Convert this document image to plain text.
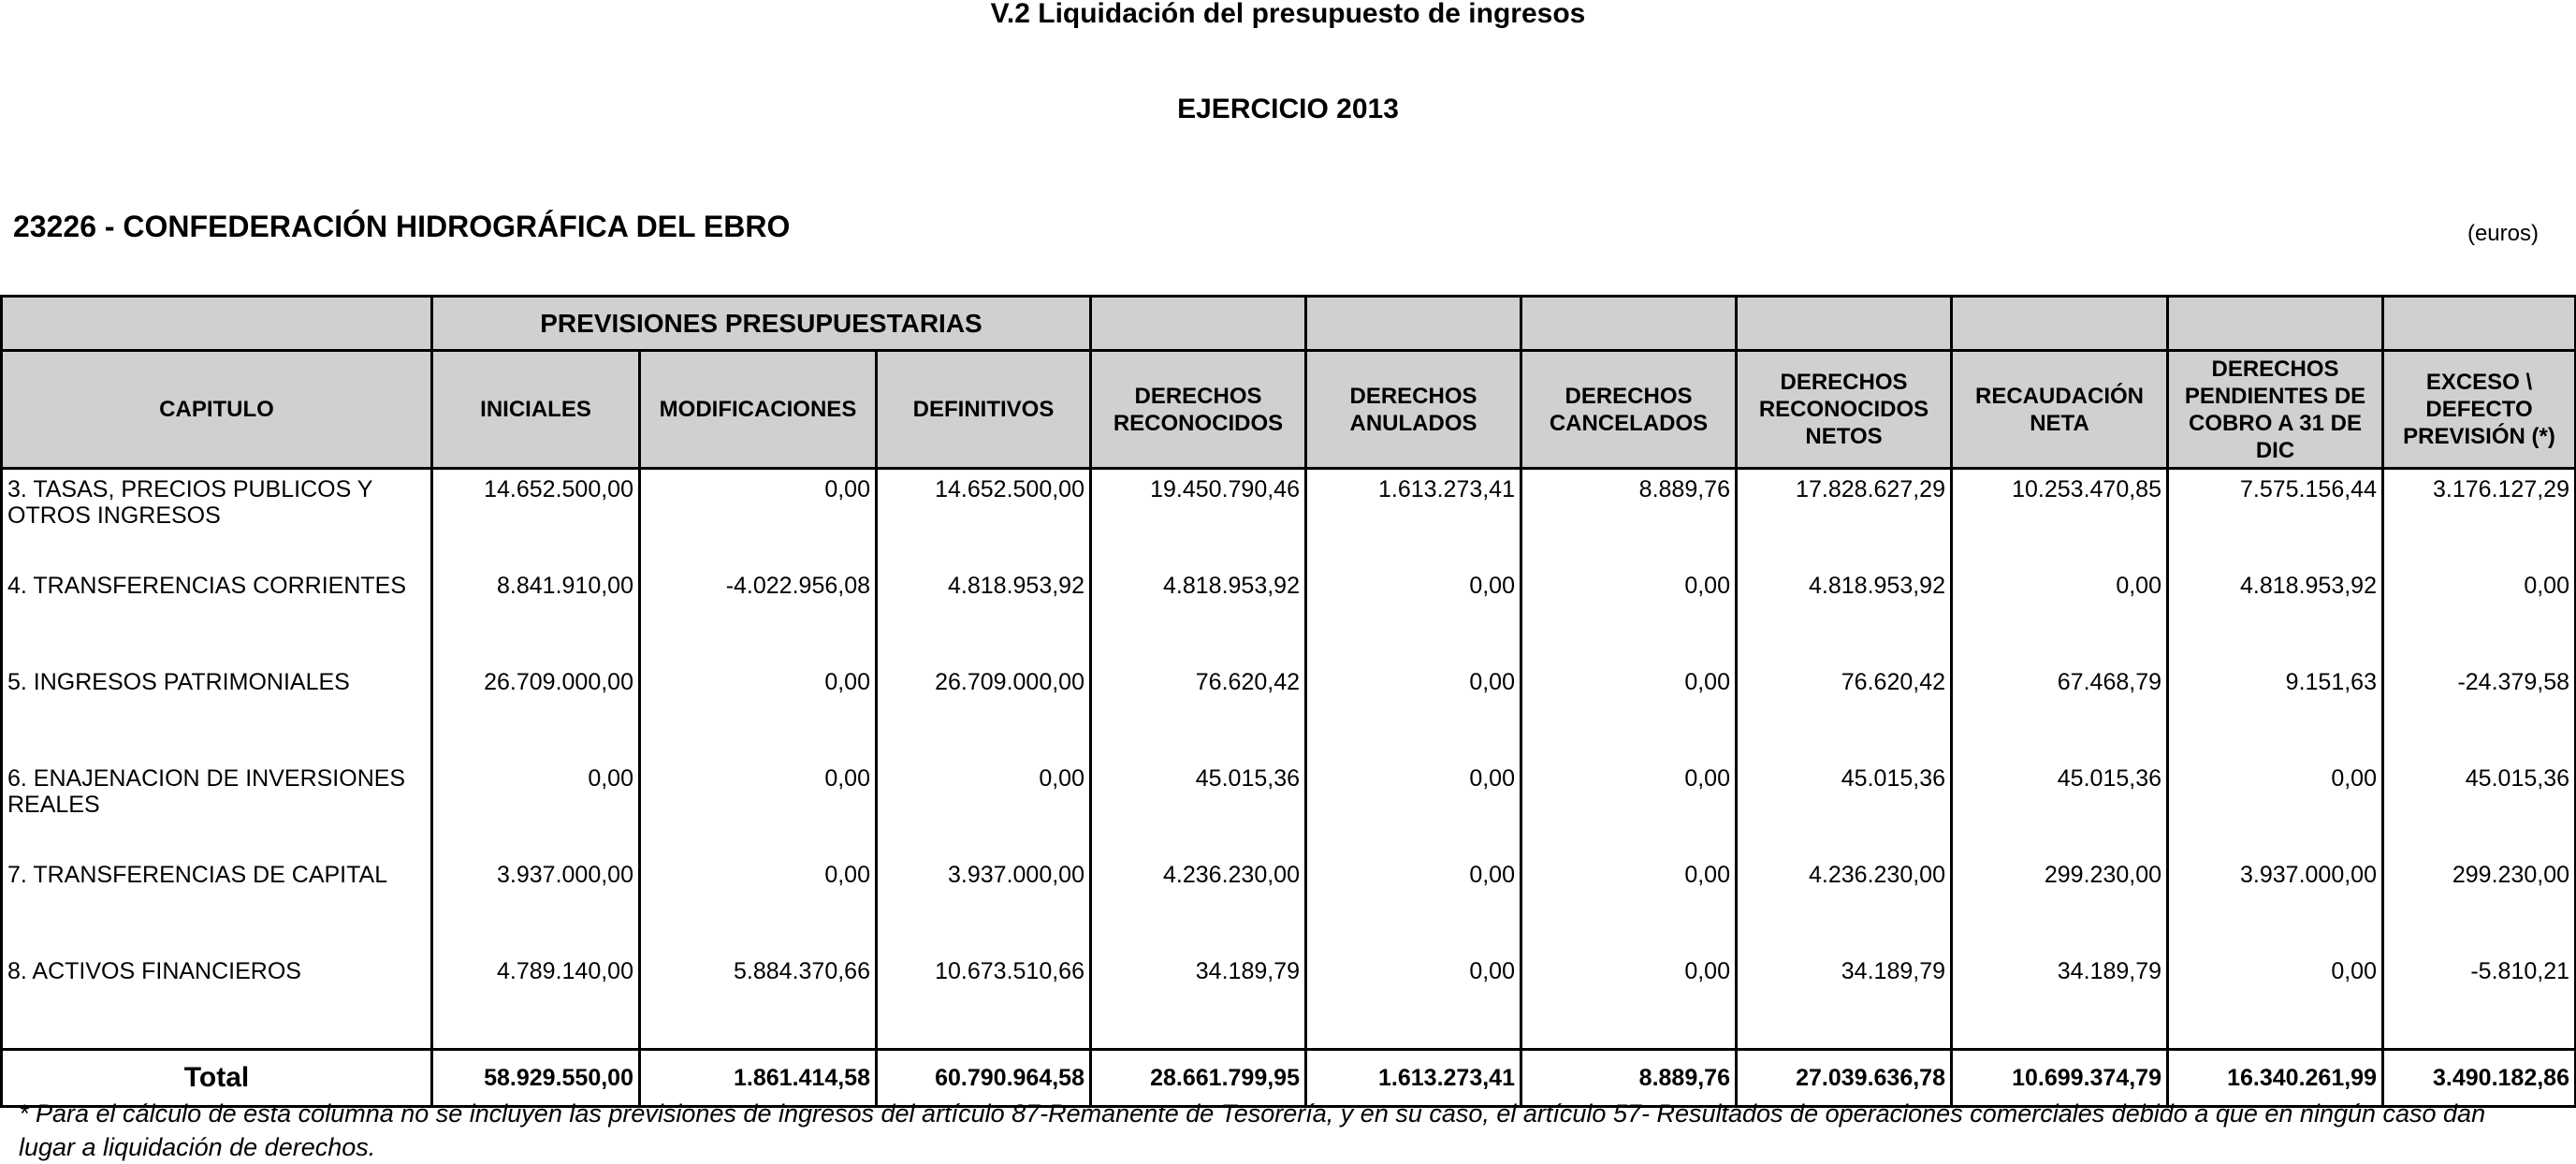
V.2 Liquidación del presupuesto de ingresos
EJERCICIO 2013
23226 - CONFEDERACIÓN HIDROGRÁFICA DEL EBRO	(euros)
	PREVISIONES PRESUPUESTARIAS									
CAPITULO	INICIALES	MODIFICACIONES	DEFINITIVOS	DERECHOS RECONOCIDOS	DERECHOS ANULADOS	DERECHOS CANCELADOS	DERECHOS RECONOCIDOS NETOS	RECAUDACIÓN NETA	DERECHOS PENDIENTES DE COBRO A 31 DE DIC	EXCESO \ DEFECTO PREVISIÓN (*)
3. TASAS, PRECIOS PUBLICOS Y OTROS INGRESOS	14.652.500,00	0,00	14.652.500,00	19.450.790,46	1.613.273,41	8.889,76	17.828.627,29	10.253.470,85	7.575.156,44	3.176.127,29
4. TRANSFERENCIAS CORRIENTES	8.841.910,00	-4.022.956,08	4.818.953,92	4.818.953,92	0,00	0,00	4.818.953,92	0,00	4.818.953,92	0,00
5. INGRESOS PATRIMONIALES	26.709.000,00	0,00	26.709.000,00	76.620,42	0,00	0,00	76.620,42	67.468,79	9.151,63	-24.379,58
6. ENAJENACION DE INVERSIONES REALES	0,00	0,00	0,00	45.015,36	0,00	0,00	45.015,36	45.015,36	0,00	45.015,36
7. TRANSFERENCIAS DE CAPITAL	3.937.000,00	0,00	3.937.000,00	4.236.230,00	0,00	0,00	4.236.230,00	299.230,00	3.937.000,00	299.230,00
8. ACTIVOS FINANCIEROS	4.789.140,00	5.884.370,66	10.673.510,66	34.189,79	0,00	0,00	34.189,79	34.189,79	0,00	-5.810,21
Total	58.929.550,00	1.861.414,58	60.790.964,58	28.661.799,95	1.613.273,41	8.889,76	27.039.636,78	10.699.374,79	16.340.261,99	3.490.182,86
* Para el cálculo de esta columna no se incluyen las previsiones de ingresos del artículo 87-Remanente de Tesorería, y en su caso, el artículo 57- Resultados de operaciones comerciales debido a que en ningún caso dan lugar a liquidación de derechos.
